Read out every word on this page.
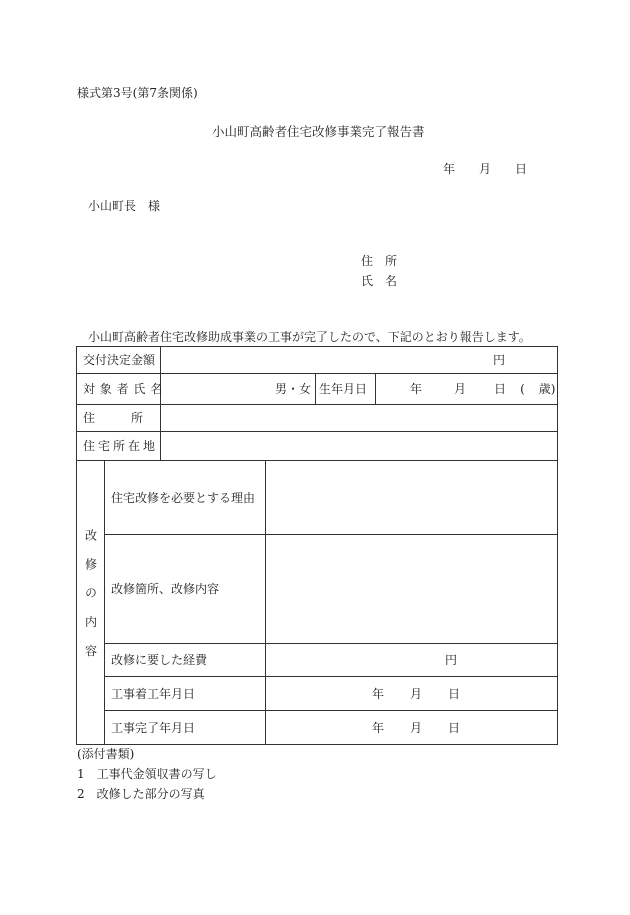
様式第3号(第7条関係)
小山町高齢者住宅改修事業完了報告書
年 月 日
小山町長　様
住　所
氏　名
小山町高齢者住宅改修助成事業の工事が完了したので、下記のとおり報告します。
交付決定金額		円			
対象者氏名		男・女		生年月日	年 月 日 ( 歳)
住　　　所					
住宅所在地					
改修の内容	住宅改修を必要とする理由				
	改修箇所、改修内容				
	改修に要した経費		円		
	工事着工年月日		年 月 日		
	工事完了年月日		年 月 日		
(添付書類)
1　工事代金領収書の写し
2　改修した部分の写真
